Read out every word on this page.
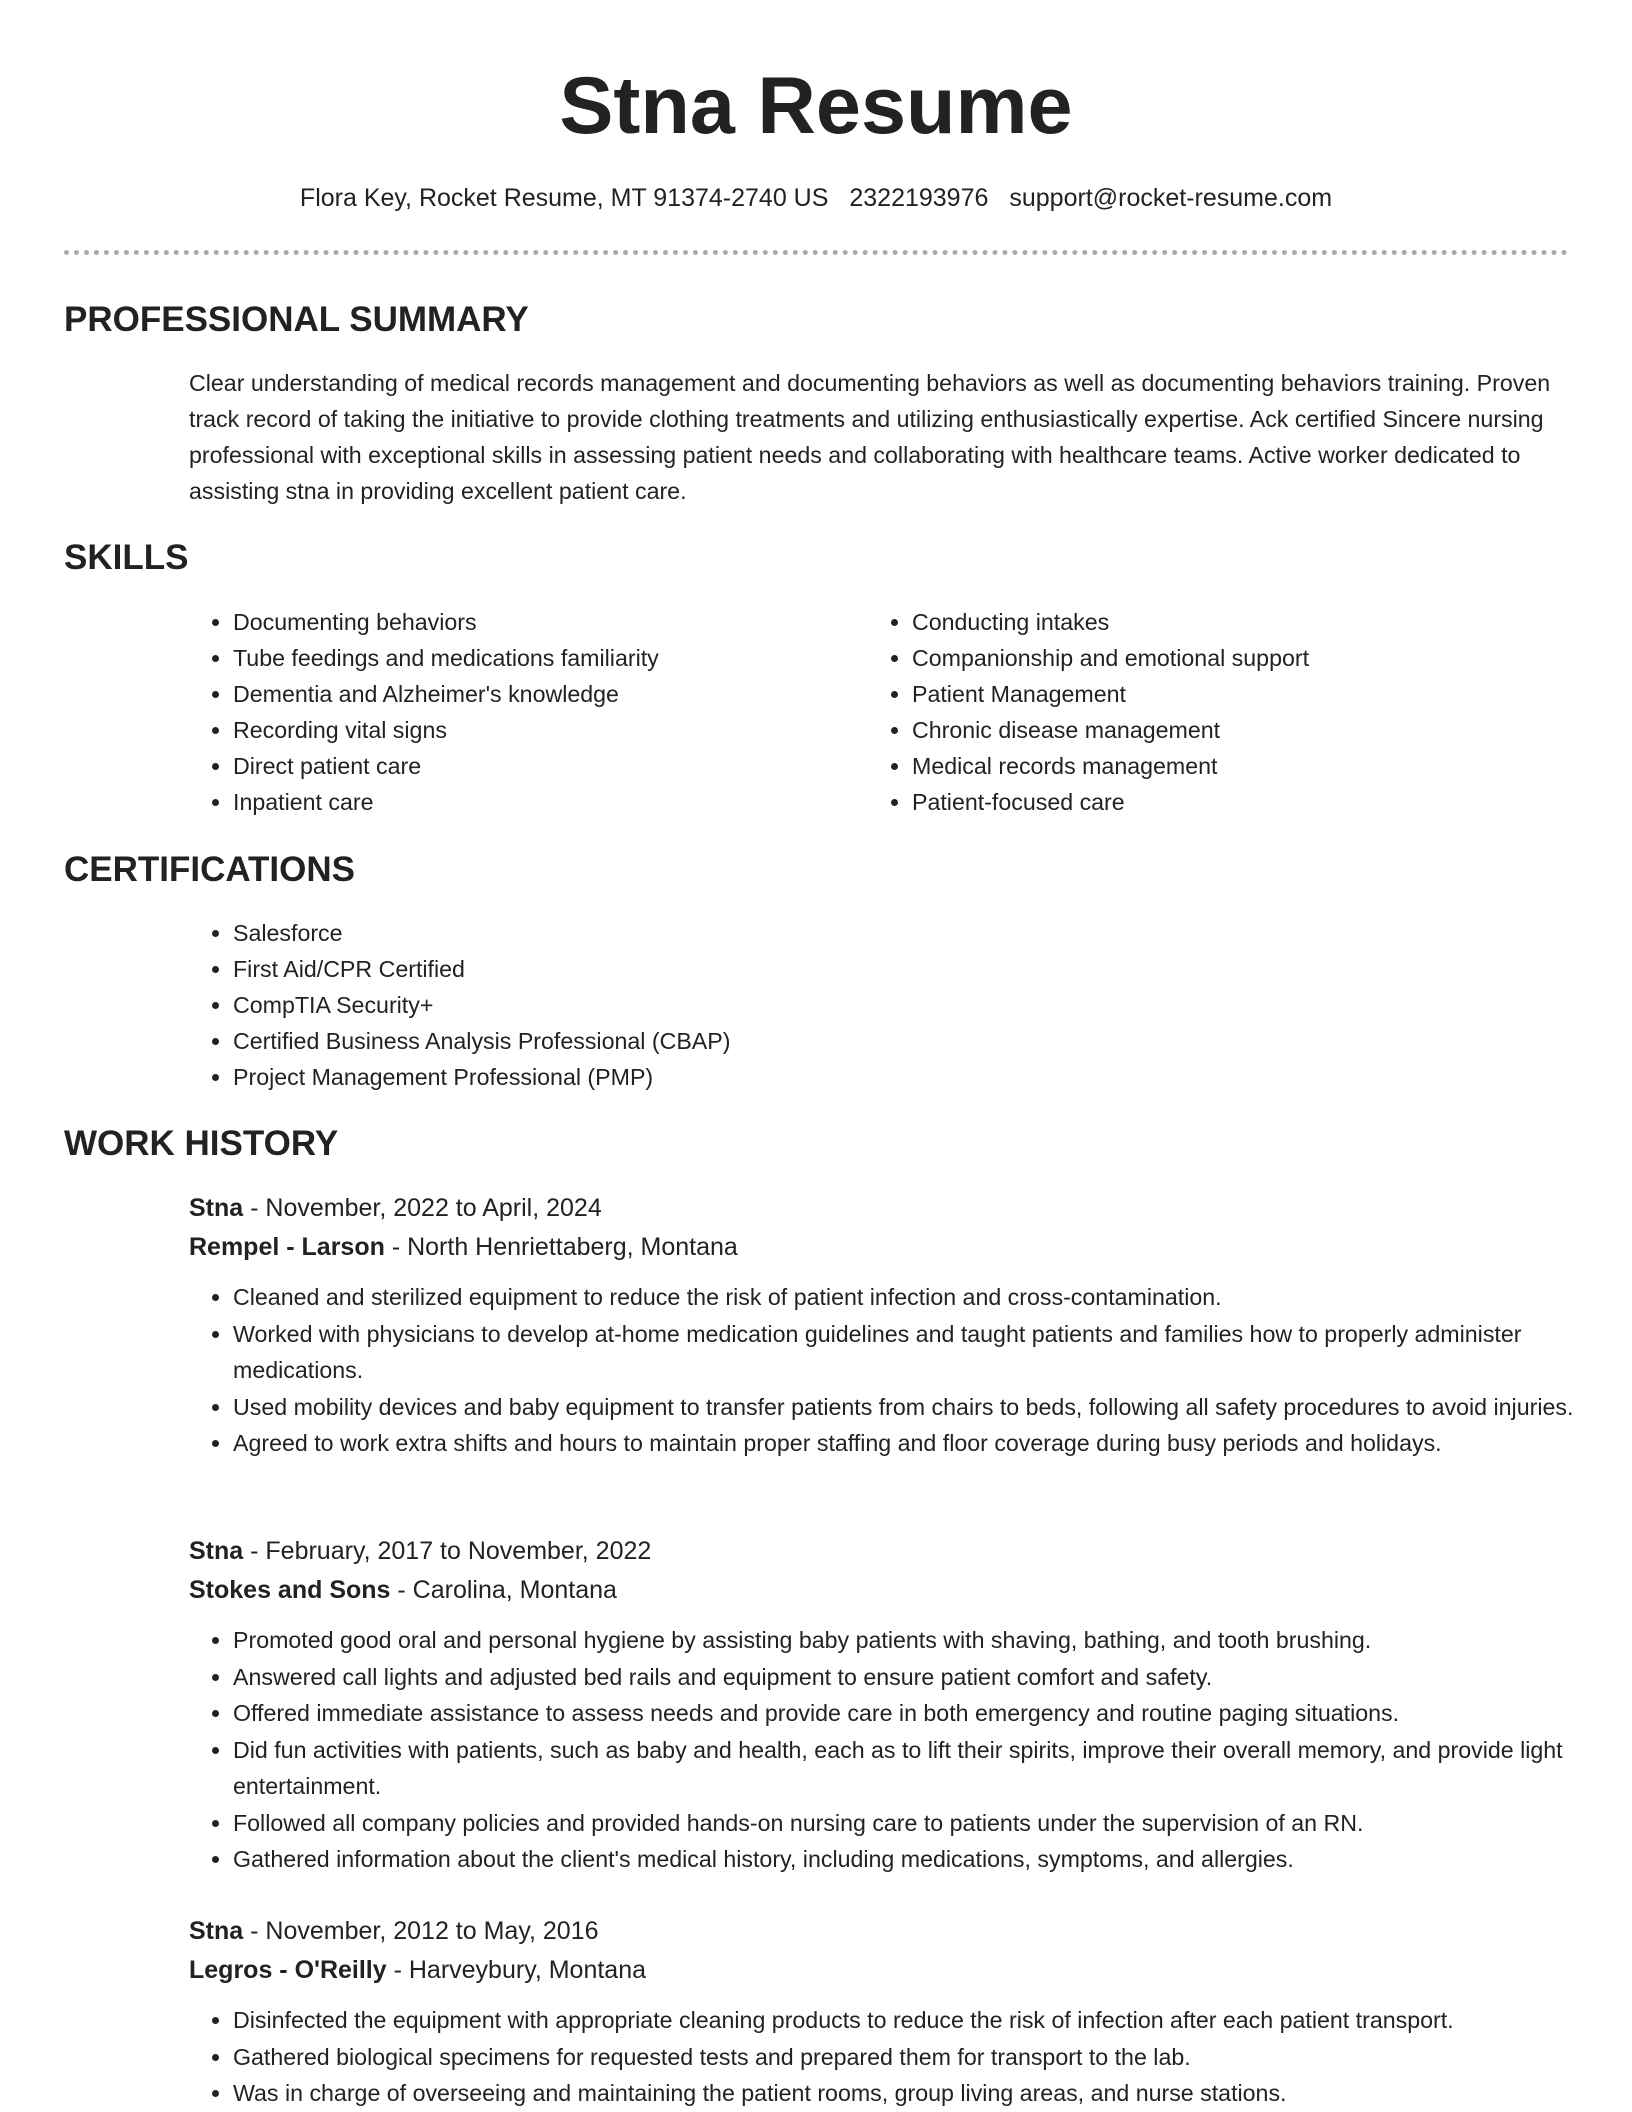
Stna Resume
Flora Key, Rocket Resume, MT 91374-2740 US 2322193976 support@rocket-resume.com
PROFESSIONAL SUMMARY

Clear understanding of medical records management and documenting behaviors as well as documenting behaviors training. Proven track record of taking the initiative to provide clothing treatments and utilizing enthusiastically expertise. Ack certified Sincere nursing professional with exceptional skills in assessing patient needs and collaborating with healthcare teams. Active worker dedicated to assisting stna in providing excellent patient care.

SKILLS
• Documenting behaviors
• Tube feedings and medications familiarity
• Dementia and Alzheimer's knowledge
• Recording vital signs
• Direct patient care
• Inpatient care
• Conducting intakes
• Companionship and emotional support
• Patient Management
• Chronic disease management
• Medical records management
• Patient-focused care
CERTIFICATIONS
• Salesforce
• First Aid/CPR Certified
• CompTIA Security+
• Certified Business Analysis Professional (CBAP)
• Project Management Professional (PMP)
WORK HISTORY
Stna - November, 2022 to April, 2024
Rempel - Larson - North Henriettaberg, Montana
• Cleaned and sterilized equipment to reduce the risk of patient infection and cross-contamination.
• Worked with physicians to develop at-home medication guidelines and taught patients and families how to properly administer medications.
• Used mobility devices and baby equipment to transfer patients from chairs to beds, following all safety procedures to avoid injuries.
• Agreed to work extra shifts and hours to maintain proper staffing and floor coverage during busy periods and holidays.
Stna - February, 2017 to November, 2022
Stokes and Sons - Carolina, Montana
• Promoted good oral and personal hygiene by assisting baby patients with shaving, bathing, and tooth brushing.
• Answered call lights and adjusted bed rails and equipment to ensure patient comfort and safety.
• Offered immediate assistance to assess needs and provide care in both emergency and routine paging situations.
• Did fun activities with patients, such as baby and health, each as to lift their spirits, improve their overall memory, and provide light entertainment.
• Followed all company policies and provided hands-on nursing care to patients under the supervision of an RN.
• Gathered information about the client's medical history, including medications, symptoms, and allergies.
Stna - November, 2012 to May, 2016
Legros - O'Reilly - Harveybury, Montana
• Disinfected the equipment with appropriate cleaning products to reduce the risk of infection after each patient transport.
• Gathered biological specimens for requested tests and prepared them for transport to the lab.
• Was in charge of overseeing and maintaining the patient rooms, group living areas, and nurse stations.
